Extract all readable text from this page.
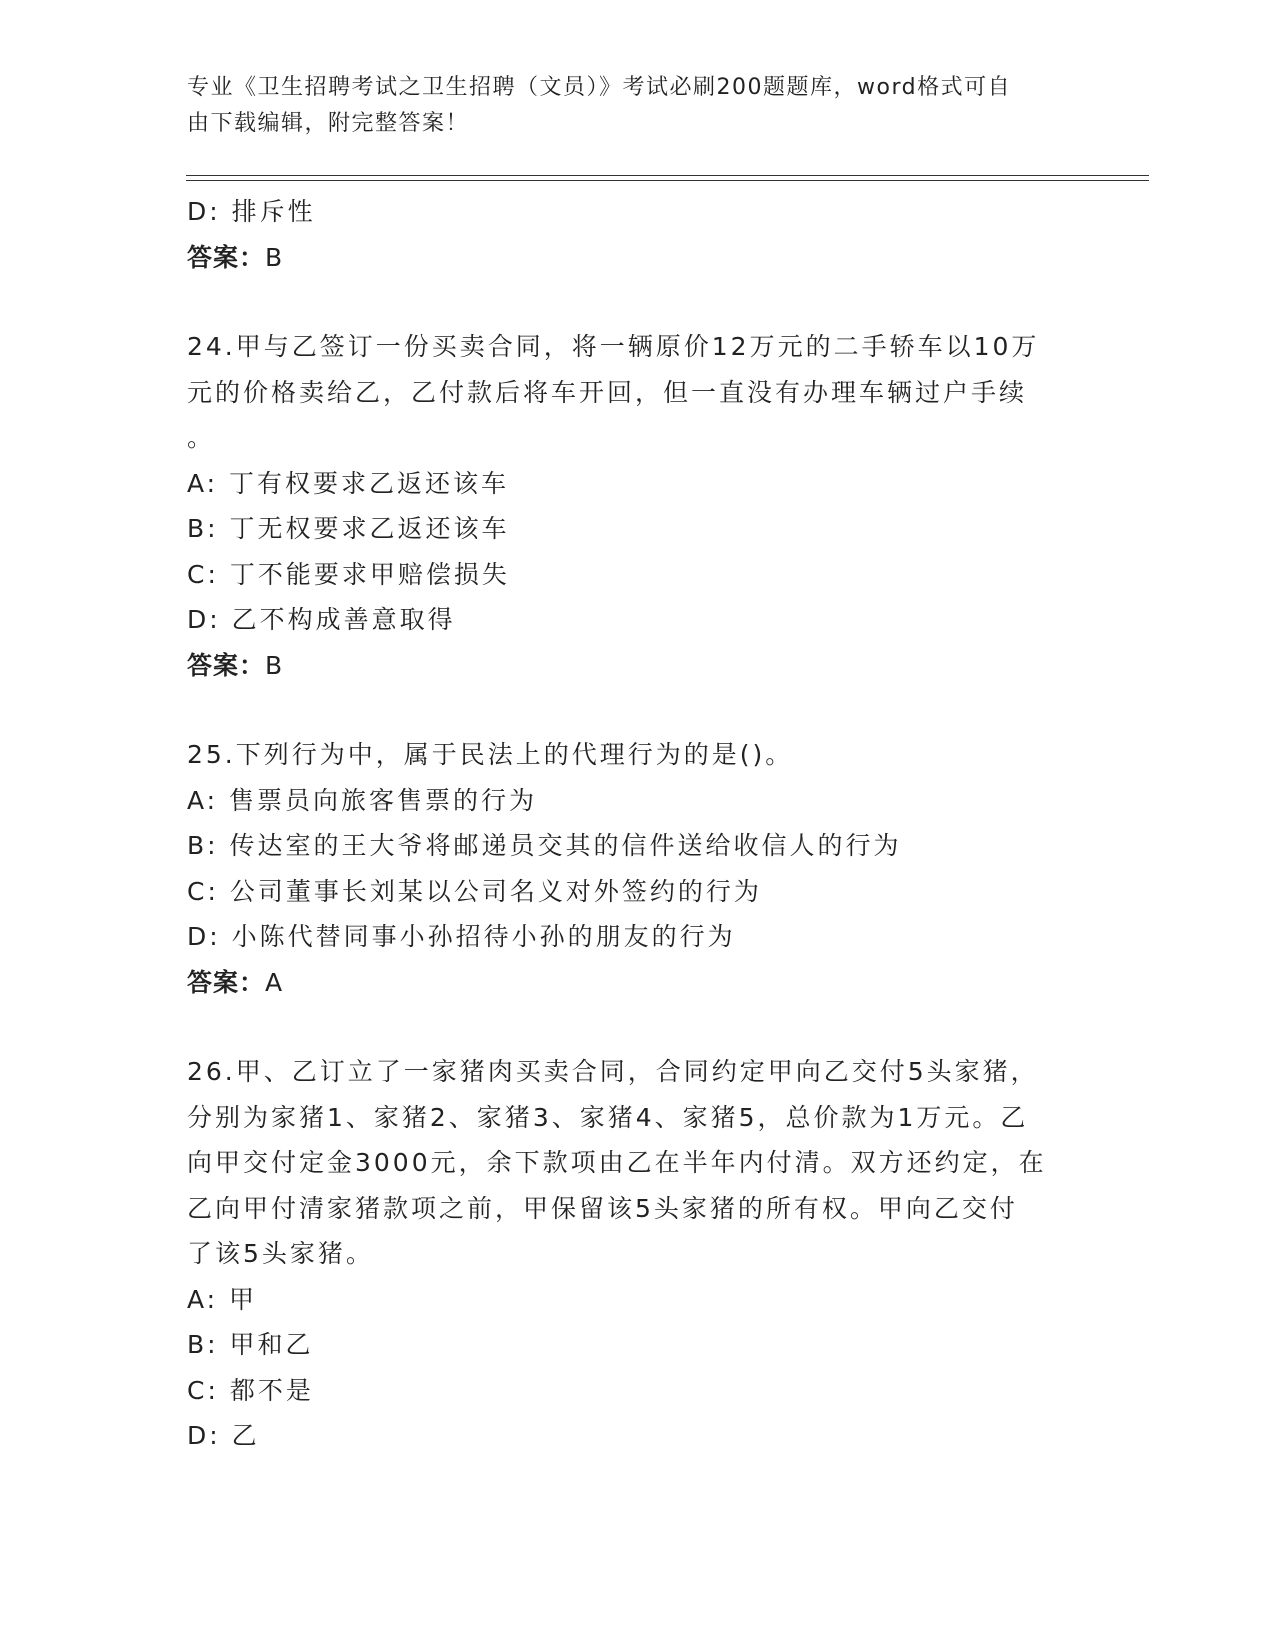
专业《卫生招聘考试之卫生招聘（文员）》考试必刷200题题库，word格式可自
由下载编辑，附完整答案！
D: 排斥性
答案：B
24.甲与乙签订一份买卖合同，将一辆原价12万元的二手轿车以10万
元的价格卖给乙，乙付款后将车开回，但一直没有办理车辆过户手续
。
A: 丁有权要求乙返还该车
B: 丁无权要求乙返还该车
C: 丁不能要求甲赔偿损失
D: 乙不构成善意取得
答案：B
25.下列行为中，属于民法上的代理行为的是()。
A: 售票员向旅客售票的行为
B: 传达室的王大爷将邮递员交其的信件送给收信人的行为
C: 公司董事长刘某以公司名义对外签约的行为
D: 小陈代替同事小孙招待小孙的朋友的行为
答案：A
26.甲、乙订立了一家猪肉买卖合同，合同约定甲向乙交付5头家猪，
分别为家猪1、家猪2、家猪3、家猪4、家猪5，总价款为1万元。乙
向甲交付定金3000元，余下款项由乙在半年内付清。双方还约定，在
乙向甲付清家猪款项之前，甲保留该5头家猪的所有权。甲向乙交付
了该5头家猪。
A: 甲
B: 甲和乙
C: 都不是
D: 乙
